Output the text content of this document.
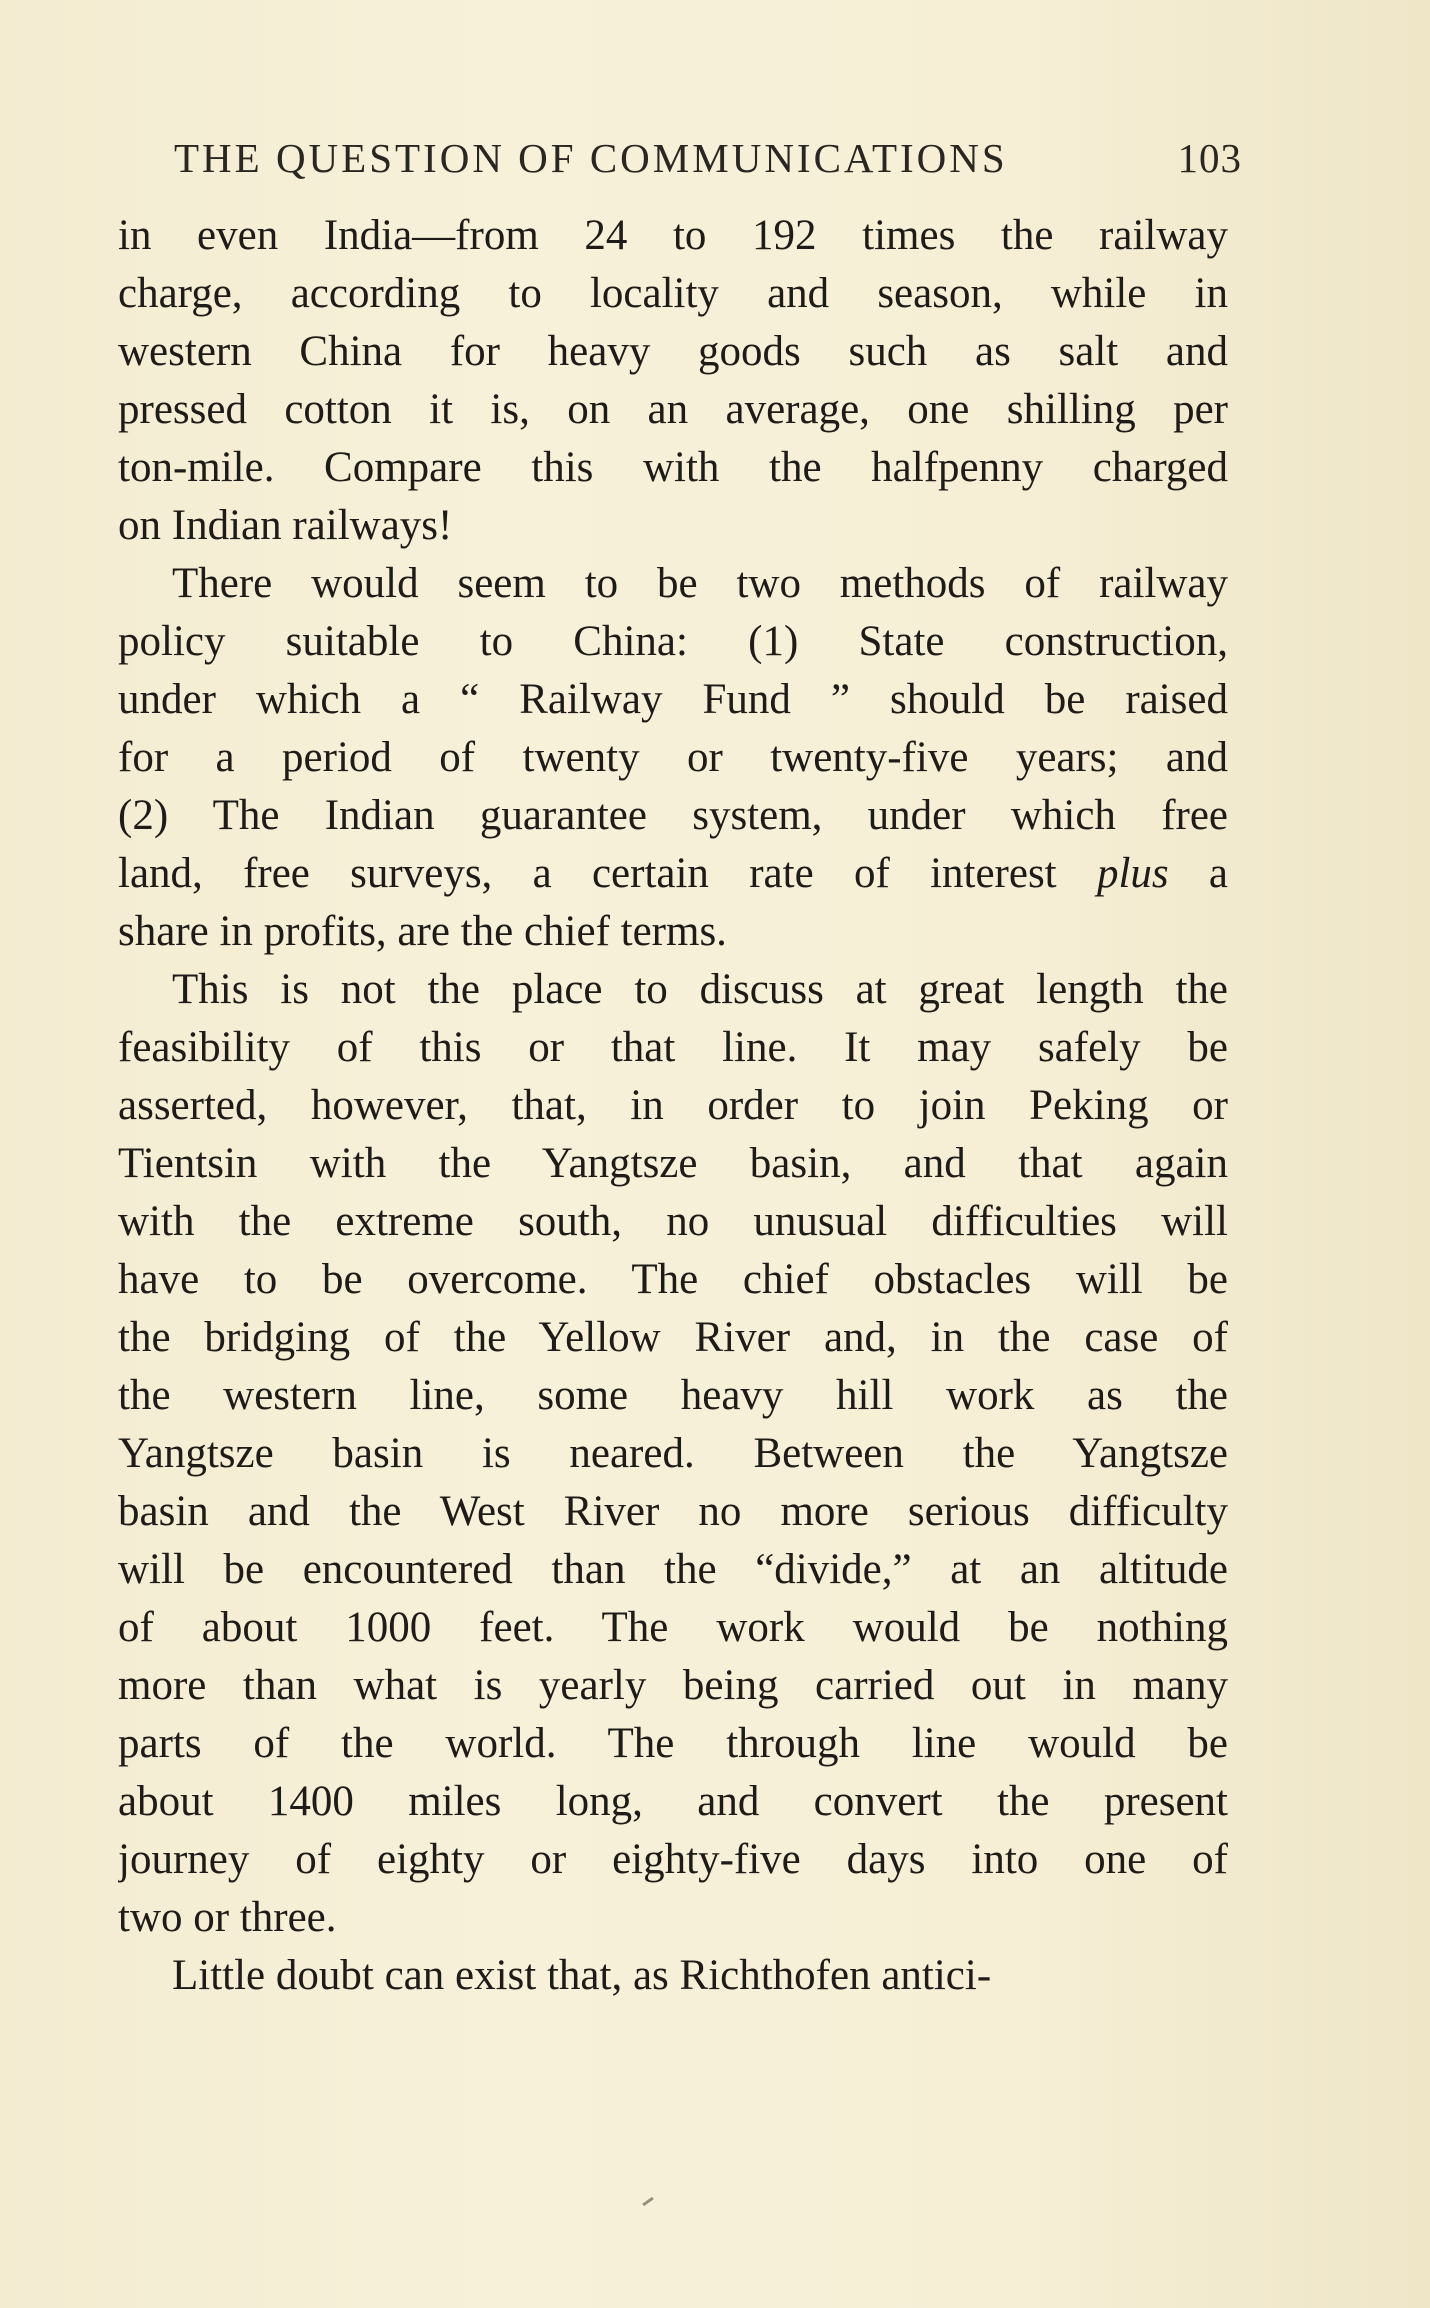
THE QUESTION OF COMMUNICATIONS	103
in even India—from 24 to 192 times the railway
charge, according to locality and season, while in
western China for heavy goods such as salt and
pressed cotton it is, on an average, one shilling per
ton-mile. Compare this with the halfpenny charged
on Indian railways!
There would seem to be two methods of railway
policy suitable to China: (1) State construction,
under which a “ Railway Fund ” should be raised
for a period of twenty or twenty-five years; and
(2) The Indian guarantee system, under which free
land, free surveys, a certain rate of interest plus a
share in profits, are the chief terms.
This is not the place to discuss at great length the
feasibility of this or that line. It may safely be
asserted, however, that, in order to join Peking or
Tientsin with the Yangtsze basin, and that again
with the extreme south, no unusual difficulties will
have to be overcome. The chief obstacles will be
the bridging of the Yellow River and, in the case of
the western line, some heavy hill work as the
Yangtsze basin is neared. Between the Yangtsze
basin and the West River no more serious difficulty
will be encountered than the “divide,” at an altitude
of about 1000 feet. The work would be nothing
more than what is yearly being carried out in many
parts of the world. The through line would be
about 1400 miles long, and convert the present
journey of eighty or eighty-five days into one of
two or three.
Little doubt can exist that, as Richthofen antici-
